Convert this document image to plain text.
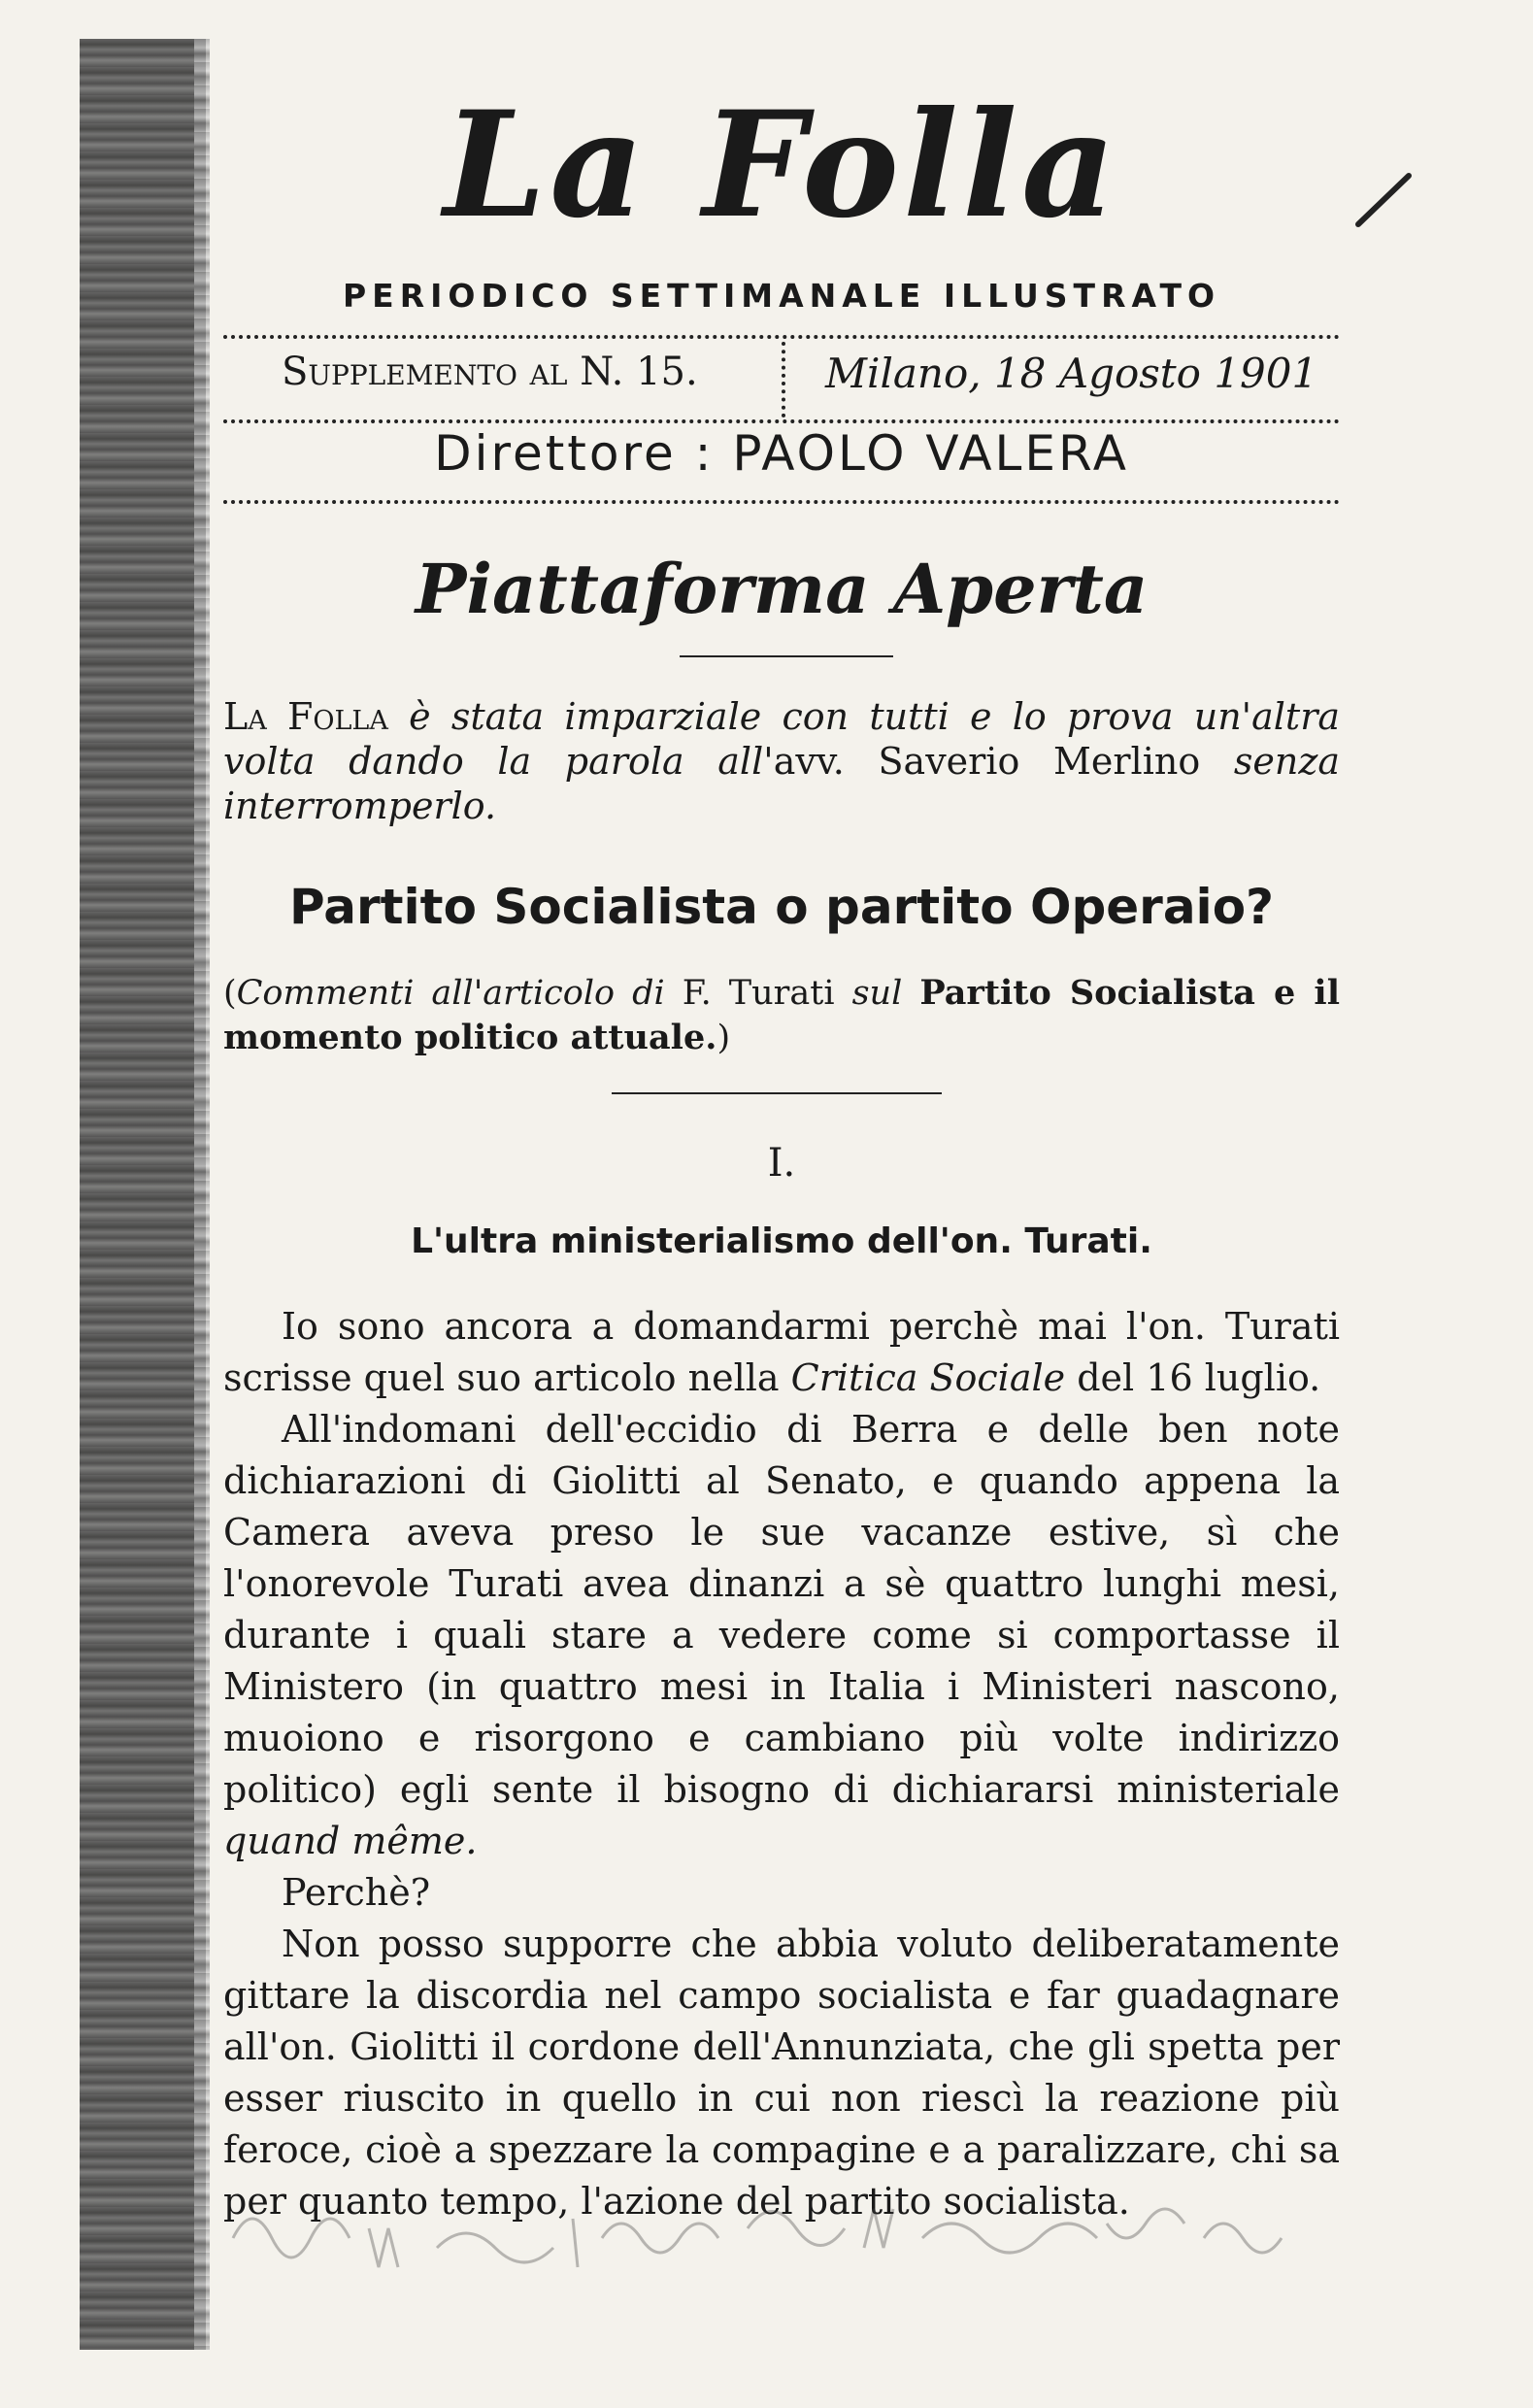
La Folla
PERIODICO SETTIMANALE ILLUSTRATO
Supplemento al N. 15.	Milano, 18 Agosto 1901
Direttore : PAOLO VALERA
Piattaforma Aperta
La Folla è stata imparziale con tutti e lo prova un'altra volta dando la parola all'avv. Saverio Merlino senza interromperlo.
Partito Socialista o partito Operaio?
(Commenti all'articolo di F. Turati sul Partito Socialista e il momento politico attuale.)
I.
L'ultra ministerialismo dell'on. Turati.

Io sono ancora a domandarmi perchè mai l'on. Turati scrisse quel suo articolo nella Critica Sociale del 16 luglio.

All'indomani dell'eccidio di Berra e delle ben note dichiarazioni di Giolitti al Senato, e quando appena la Camera aveva preso le sue vacanze estive, sì che l'onorevole Turati avea dinanzi a sè quattro lunghi mesi, durante i quali stare a vedere come si comportasse il Ministero (in quattro mesi in Italia i Ministeri nascono, muoiono e risorgono e cambiano più volte indirizzo politico) egli sente il bisogno di dichiararsi ministeriale quand même.

Perchè?

Non posso supporre che abbia voluto deliberatamente gittare la discordia nel campo socialista e far guadagnare all'on. Giolitti il cordone dell'Annunziata, che gli spetta per esser riuscito in quello in cui non riescì la reazione più feroce, cioè a spezzare la compagine e a paralizzare, chi sa per quanto tempo, l'azione del partito socialista.
